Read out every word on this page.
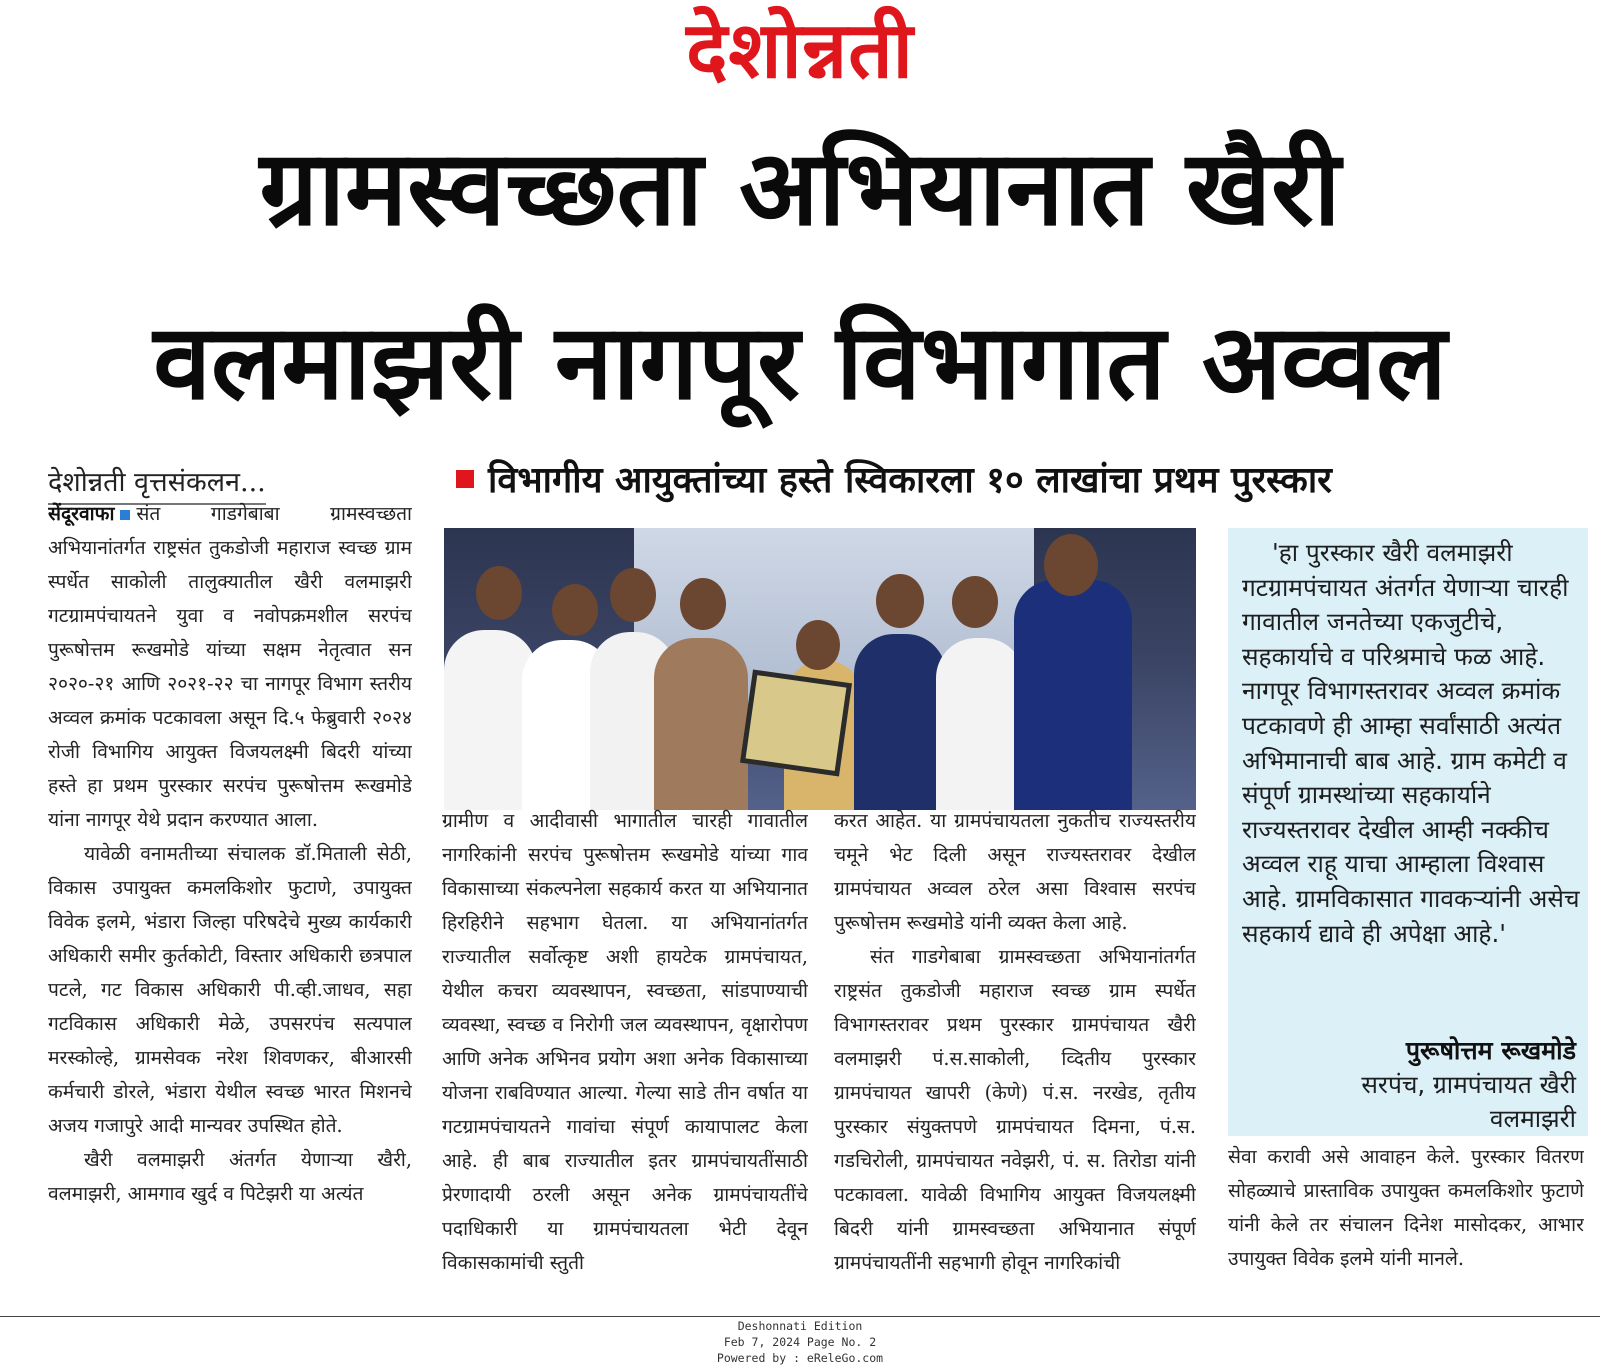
देशोन्नती
ग्रामस्वच्छता अभियानात खैरी
वलमाझरी नागपूर विभागात अव्वल
देशोन्नती वृत्तसंकलन...	विभागीय आयुक्तांच्या हस्ते स्विकारला १० लाखांचा प्रथम पुरस्कार

सेंदूरवाफा संत गाडगेबाबा ग्रामस्वच्छता अभियानांतर्गत राष्ट्रसंत तुकडोजी महाराज स्वच्छ ग्राम स्पर्धेत साकोली तालुक्यातील खैरी वलमाझरी गटग्रामपंचायतने युवा व नवोपक्रमशील सरपंच पुरूषोत्तम रूखमोडे यांच्या सक्षम नेतृत्वात सन २०२०-२१ आणि २०२१-२२ चा नागपूर विभाग स्तरीय अव्वल क्रमांक पटकावला असून दि.५ फेब्रुवारी २०२४ रोजी विभागिय आयुक्त विजयलक्ष्मी बिदरी यांच्या हस्ते हा प्रथम पुरस्कार सरपंच पुरूषोत्तम रूखमोडे यांना नागपूर येथे प्रदान करण्यात आला.

यावेळी वनामतीच्या संचालक डॉ.मिताली सेठी, विकास उपायुक्त कमलकिशोर फुटाणे, उपायुक्त विवेक इलमे, भंडारा जिल्हा परिषदेचे मुख्य कार्यकारी अधिकारी समीर कुर्तकोटी, विस्तार अधिकारी छत्रपाल पटले, गट विकास अधिकारी पी.व्ही.जाधव, सहा गटविकास अधिकारी मेळे, उपसरपंच सत्यपाल मरस्कोल्हे, ग्रामसेवक नरेश शिवणकर, बीआरसी कर्मचारी डोरले, भंडारा येथील स्वच्छ भारत मिशनचे अजय गजापुरे आदी मान्यवर उपस्थित होते.

खैरी वलमाझरी अंतर्गत येणाऱ्या खैरी, वलमाझरी, आमगाव खुर्द व पिटेझरी या अत्यंत

ग्रामीण व आदीवासी भागातील चारही गावातील नागरिकांनी सरपंच पुरूषोत्तम रूखमोडे यांच्या गाव विकासाच्या संकल्पनेला सहकार्य करत या अभियानात हिरहिरीने सहभाग घेतला. या अभियानांतर्गत राज्यातील सर्वोत्कृष्ट अशी हायटेक ग्रामपंचायत, येथील कचरा व्यवस्थापन, स्वच्छता, सांडपाण्याची व्यवस्था, स्वच्छ व निरोगी जल व्यवस्थापन, वृक्षारोपण आणि अनेक अभिनव प्रयोग अशा अनेक विकासाच्या योजना राबविण्यात आल्या. गेल्या साडे तीन वर्षात या गटग्रामपंचायतने गावांचा संपूर्ण कायापालट केला आहे. ही बाब राज्यातील इतर ग्रामपंचायतींसाठी प्रेरणादायी ठरली असून अनेक ग्रामपंचायतींचे पदाधिकारी या ग्रामपंचायतला भेटी देवून विकासकामांची स्तुती

करत आहेत. या ग्रामपंचायतला नुकतीच राज्यस्तरीय चमूने भेट दिली असून राज्यस्तरावर देखील ग्रामपंचायत अव्वल ठरेल असा विश्वास सरपंच पुरूषोत्तम रूखमोडे यांनी व्यक्त केला आहे.

संत गाडगेबाबा ग्रामस्वच्छता अभियानांतर्गत राष्ट्रसंत तुकडोजी महाराज स्वच्छ ग्राम स्पर्धेत विभागस्तरावर प्रथम पुरस्कार ग्रामपंचायत खैरी वलमाझरी पं.स.साकोली, व्दितीय पुरस्कार ग्रामपंचायत खापरी (केणे) पं.स. नरखेड, तृतीय पुरस्कार संयुक्तपणे ग्रामपंचायत दिमना, पं.स. गडचिरोली, ग्रामपंचायत नवेझरी, पं. स. तिरोडा यांनी पटकावला. यावेळी विभागिय आयुक्त विजयलक्ष्मी बिदरी यांनी ग्रामस्वच्छता अभियानात संपूर्ण ग्रामपंचायतींनी सहभागी होवून नागरिकांची

'हा पुरस्कार खैरी वलमाझरी गटग्रामपंचायत अंतर्गत येणाऱ्या चारही गावातील जनतेच्या एकजुटीचे, सहकार्याचे व परिश्रमाचे फळ आहे. नागपूर विभागस्तरावर अव्वल क्रमांक पटकावणे ही आम्हा सर्वांसाठी अत्यंत अभिमानाची बाब आहे. ग्राम कमेटी व संपूर्ण ग्रामस्थांच्या सहकार्याने राज्यस्तरावर देखील आम्ही नक्कीच अव्वल राहू याचा आम्हाला विश्वास आहे. ग्रामविकासात गावकऱ्यांनी असेच सहकार्य द्यावे ही अपेक्षा आहे.'
पुरूषोत्तम रूखमोडे
सरपंच, ग्रामपंचायत खैरी वलमाझरी

सेवा करावी असे आवाहन केले. पुरस्कार वितरण सोहळ्याचे प्रास्ताविक उपायुक्त कमलकिशोर फुटाणे यांनी केले तर संचालन दिनेश मासोदकर, आभार उपायुक्त विवेक इलमे यांनी मानले.

Deshonnati Edition
Feb 7, 2024 Page No. 2
Powered by : eReleGo.com
